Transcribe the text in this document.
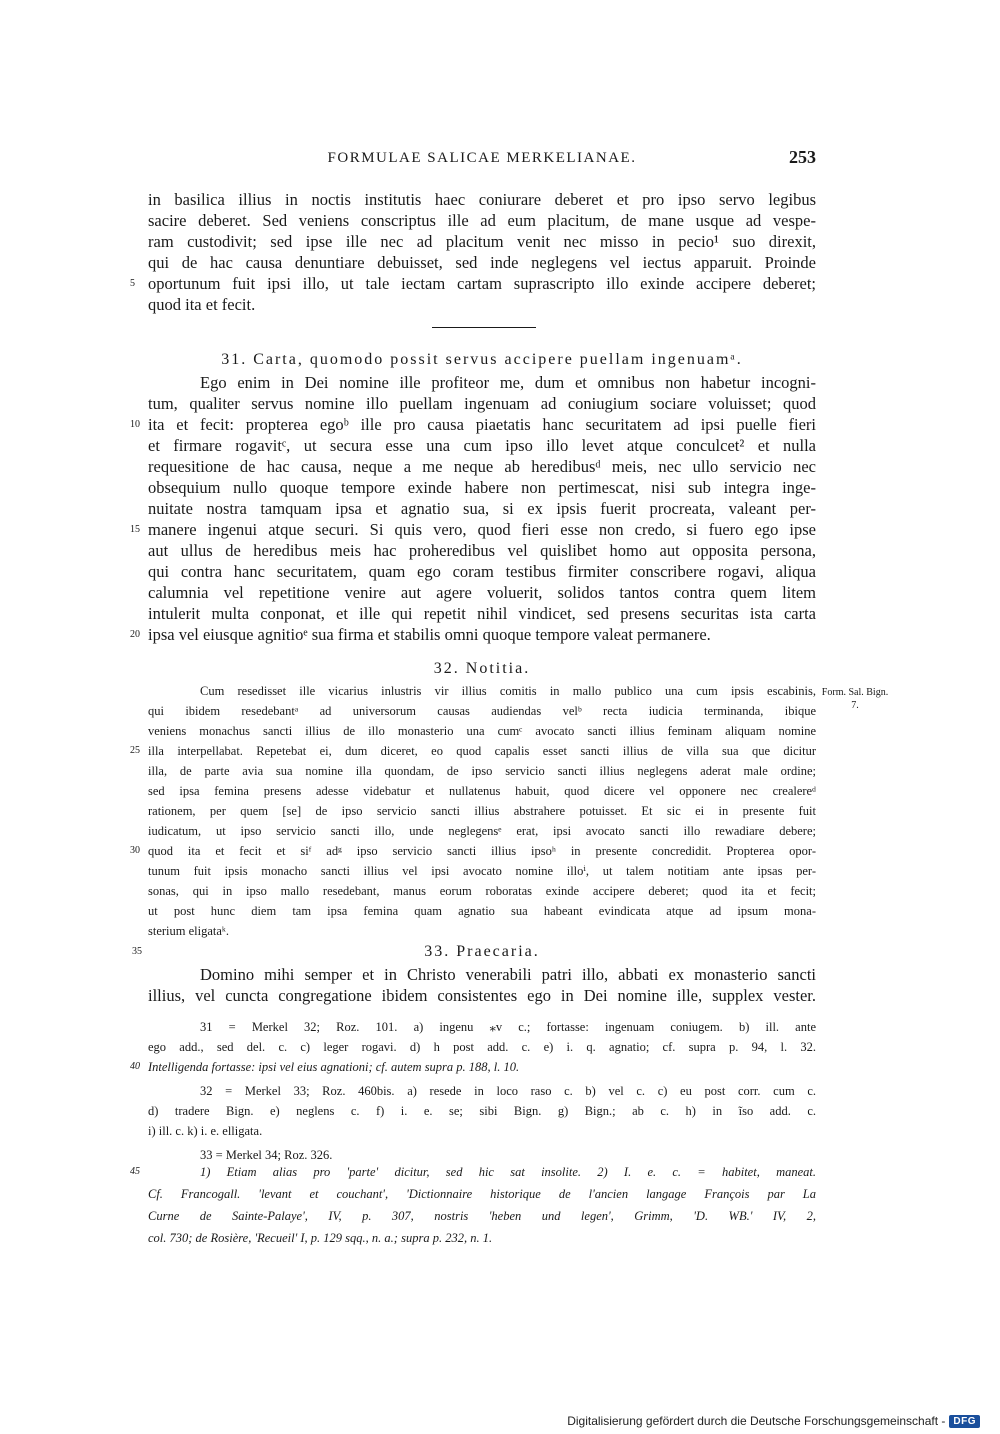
FORMULAE SALICAE MERKELIANAE.	253
in basilica illius in noctis institutis haec coniurare deberet et pro ipso servo legibus
sacire deberet. Sed veniens conscriptus ille ad eum placitum, de mane usque ad vespe-
ram custodivit; sed ipse ille nec ad placitum venit nec misso in pecio¹ suo direxit,
qui de hac causa denuntiare debuisset, sed inde neglegens vel iectus apparuit. Proinde
5 oportunum fuit ipsi illo, ut tale iectam cartam suprascripto illo exinde accipere deberet;
quod ita et fecit.
31. Carta, quomodo possit servus accipere puellam ingenuamᵃ.
Ego enim in Dei nomine ille profiteor me, dum et omnibus non habetur incogni-
tum, qualiter servus nomine illo puellam ingenuam ad coniugium sociare voluisset; quod
10 ita et fecit: propterea egoᵇ ille pro causa piaetatis hanc securitatem ad ipsi puelle fieri
et firmare rogavitᶜ, ut secura esse una cum ipso illo levet atque conculcet² et nulla
requesitione de hac causa, neque a me neque ab heredibusᵈ meis, nec ullo servicio nec
obsequium nullo quoque tempore exinde habere non pertimescat, nisi sub integra inge-
nuitate nostra tamquam ipsa et agnatio sua, si ex ipsis fuerit procreata, valeant per-
15 manere ingenui atque securi. Si quis vero, quod fieri esse non credo, si fuero ego ipse
aut ullus de heredibus meis hac proheredibus vel quislibet homo aut opposita persona,
qui contra hanc securitatem, quam ego coram testibus firmiter conscribere rogavi, aliqua
calumnia vel repetitione venire aut agere voluerit, solidos tantos contra quem litem
intulerit multa conponat, et ille qui repetit nihil vindicet, sed presens securitas ista carta
20 ipsa vel eiusque agnitioᵉ sua firma et stabilis omni quoque tempore valeat permanere.
32. Notitia.
Cum resedisset ille vicarius inlustris vir illius comitis in mallo publico una cum ipsis escabinis,
qui ibidem resedebantᵃ ad universorum causas audiendas velᵇ recta iudicia terminanda, ibique
veniens monachus sancti illius de illo monasterio una cumᶜ avocato sancti illius feminam aliquam nomine
25 illa interpellabat. Repetebat ei, dum diceret, eo quod capalis esset sancti illius de villa sua que dicitur
illa, de parte avia sua nomine illa quondam, de ipso servicio sancti illius neglegens aderat male ordine;
sed ipsa femina presens adesse videbatur et nullatenus habuit, quod dicere vel opponere nec crealereᵈ
rationem, per quem [se] de ipso servicio sancti illius abstrahere potuisset. Et sic ei in presente fuit
iudicatum, ut ipso servicio sancti illo, unde neglegensᵉ erat, ipsi avocato sancti illo rewadiare debere;
30 quod ita et fecit et siᶠ adᵍ ipso servicio sancti illius ipsoʰ in presente concredidit. Propterea opor-
tunum fuit ipsis monacho sancti illius vel ipsi avocato nomine illoⁱ, ut talem notitiam ante ipsas per-
sonas, qui in ipso mallo resedebant, manus eorum roboratas exinde accipere deberet; quod ita et fecit;
ut post hunc diem tam ipsa femina quam agnatio sua habeant evindicata atque ad ipsum mona-
sterium eligataᵏ.
Form. Sal. Bign. 7.
35	33. Praecaria.
Domino mihi semper et in Christo venerabili patri illo, abbati ex monasterio sancti
illius, vel cuncta congregatione ibidem consistentes ego in Dei nomine ille, supplex vester.
31 = Merkel 32; Roz. 101. a) ingenu ⁎v c.; fortasse: ingenuam coniugem. b) ill. ante
ego add., sed del. c. c) leger rogavi. d) h post add. c. e) i. q. agnatio; cf. supra p. 94, l. 32.
40 Intelligenda fortasse: ipsi vel eius agnationi; cf. autem supra p. 188, l. 10.
32 = Merkel 33; Roz. 460bis. a) resede in loco raso c. b) vel c. c) eu post corr. cum c.
d) tradere Bign. e) neglens c. f) i. e. se; sibi Bign. g) Bign.; ab c. h) in ĩso add. c.
i) ill. c. k) i. e. elligata.
33 = Merkel 34; Roz. 326.
45	1) Etiam alias pro 'parte' dicitur, sed hic sat insolite. 2) I. e. c. = habitet, maneat.
Cf. Francogall. 'levant et couchant', 'Dictionnaire historique de l'ancien langage François par La
Curne de Sainte-Palaye', IV, p. 307, nostris 'heben und legen', Grimm, 'D. WB.' IV, 2,
col. 730; de Rosière, 'Recueil' I, p. 129 sqq., n. a.; supra p. 232, n. 1.
Digitalisierung gefördert durch die Deutsche Forschungsgemeinschaft - DFG
